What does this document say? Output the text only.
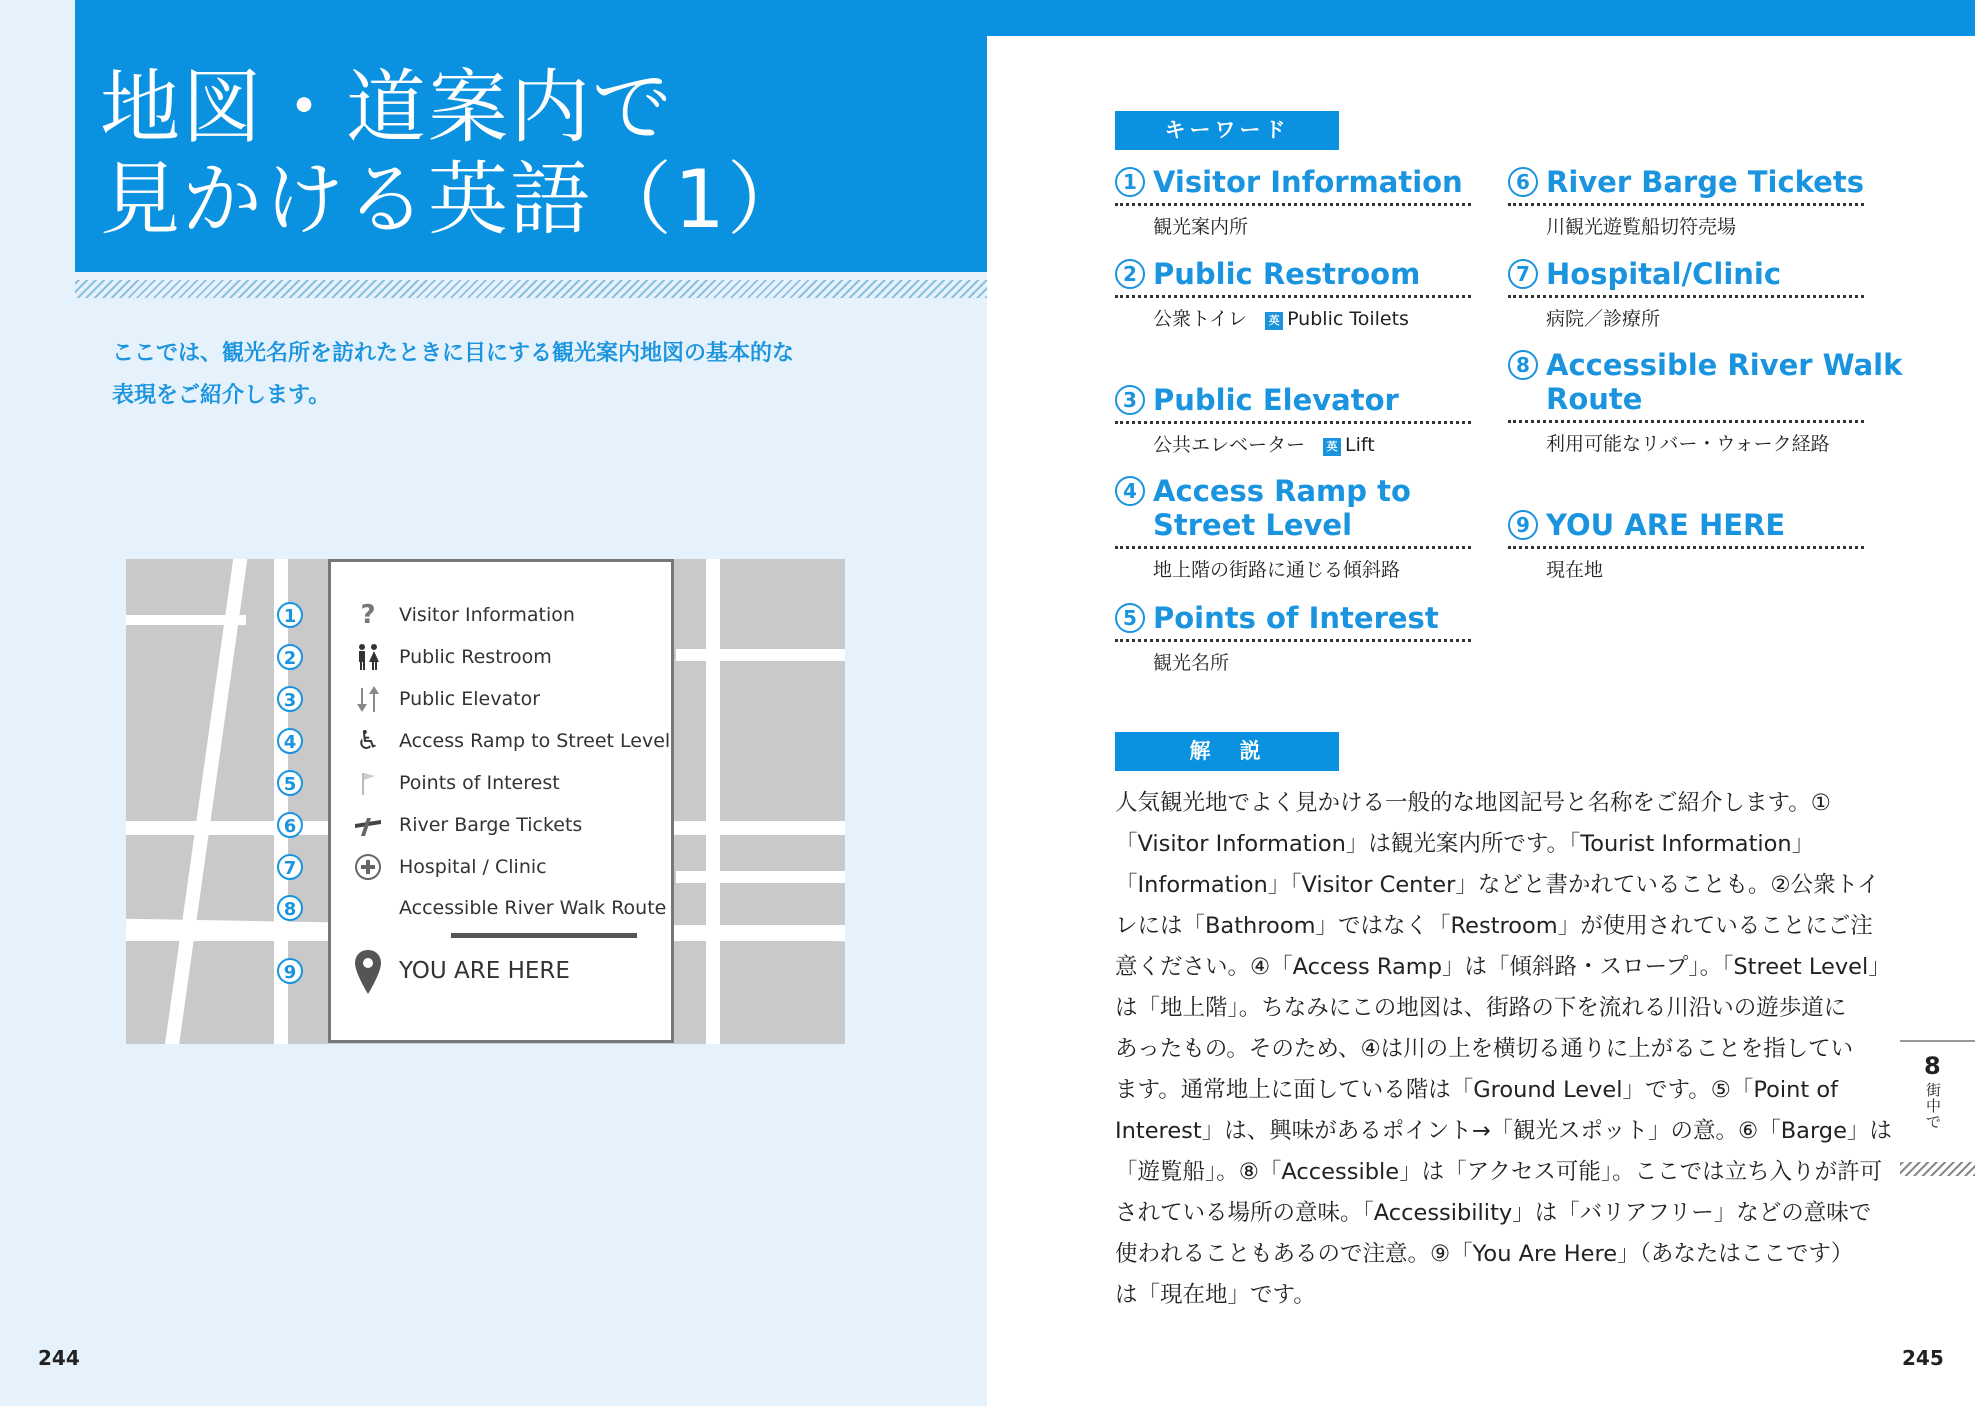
地図・道案内で
見かける英語（1）
ここでは、観光名所を訪れたときに目にする観光案内地図の基本的な
表現をご紹介します。
1 ?	Visitor Information
2	Public Restroom
3	Public Elevator
4 ♿ Access Ramp to Street Level
5	Points of Interest
6	River Barge Tickets
7	Hospital / Clinic
8	Accessible River Walk Route
9	YOU ARE HERE
244
キーワード
1 Visitor Information
観光案内所
2 Public Restroom
公衆トイレ 英 Public Toilets
3 Public Elevator
公共エレベーター 英 Lift
4 Access Ramp to
Street Level
地上階の街路に通じる傾斜路
5 Points of Interest
観光名所
6 River Barge Tickets
川観光遊覧船切符売場
7 Hospital/Clinic
病院／診療所
8 Accessible River Walk
Route
利用可能なリバー・ウォーク経路
9 YOU ARE HERE
現在地
解　説
人気観光地でよく見かける一般的な地図記号と名称をご紹介します。①
「Visitor Information」は観光案内所です。「Tourist Information」
「Information」「Visitor Center」などと書かれていることも。②公衆トイ
レには「Bathroom」ではなく「Restroom」が使用されていることにご注
意ください。④「Access Ramp」は「傾斜路・スロープ」。「Street Level」
は「地上階」。ちなみにこの地図は、街路の下を流れる川沿いの遊歩道に
あったもの。そのため、④は川の上を横切る通りに上がることを指してい
ます。通常地上に面している階は「Ground Level」です。⑤「Point of
Interest」は、興味があるポイント→「観光スポット」の意。⑥「Barge」は
「遊覧船」。⑧「Accessible」は「アクセス可能」。ここでは立ち入りが許可
されている場所の意味。「Accessibility」は「バリアフリー」などの意味で
使われることもあるので注意。⑨「You Are Here」（あなたはここです）
は「現在地」です。
8
街中で
245
